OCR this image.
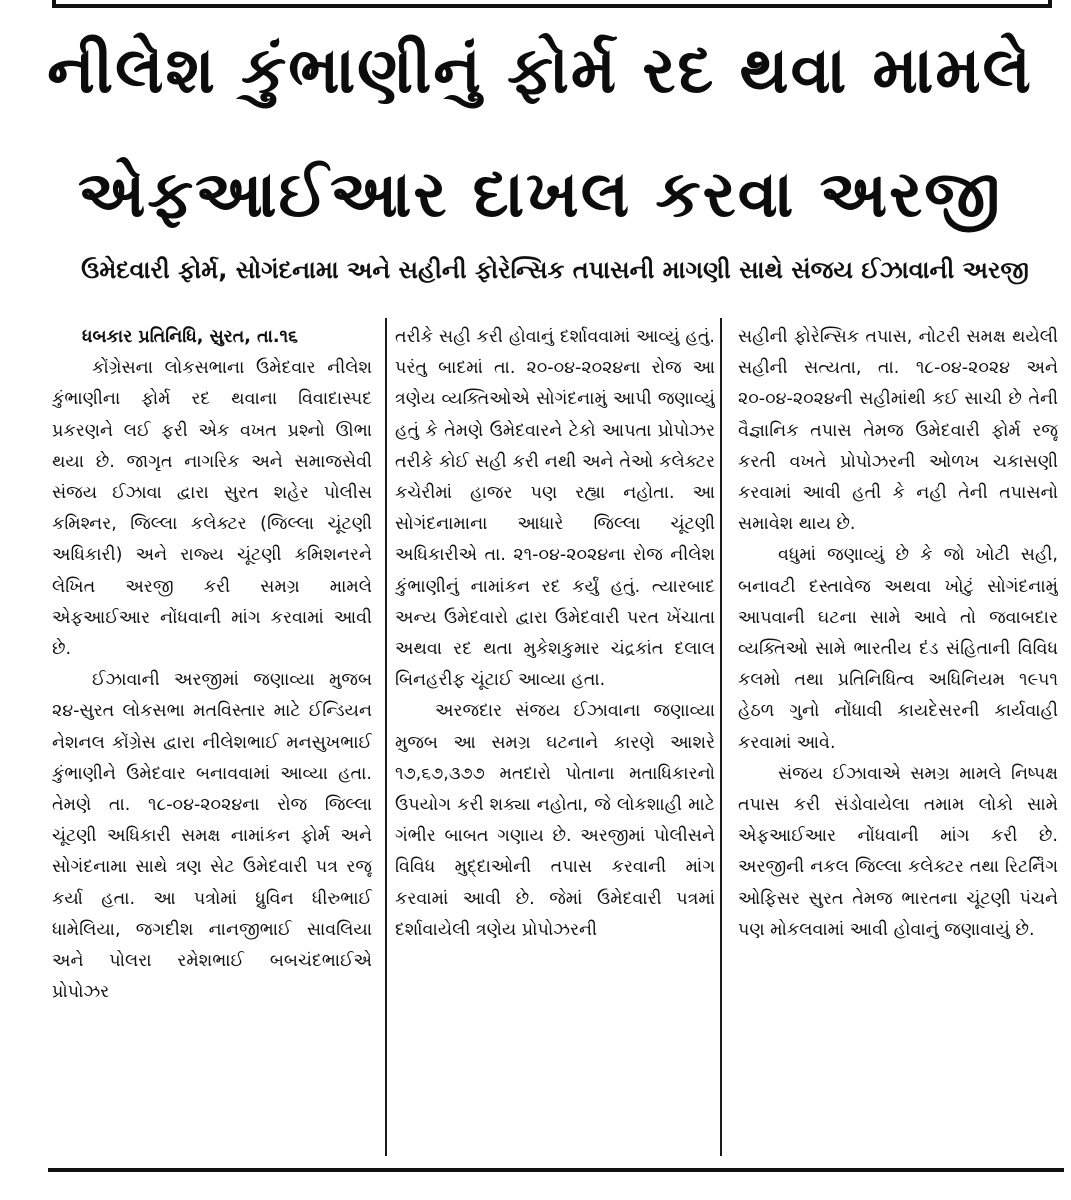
નીલેશ કુંભાણીનું ફોર્મ રદ થવા મામલે
એફઆઈઆર દાખલ કરવા અરજી
ઉમેદવારી ફોર્મ, સોગંદનામા અને સહીની ફોરેન્સિક તપાસની માગણી સાથે સંજય ઈઝાવાની અરજી

ધબકાર પ્રતિનિધિ, સુરત, તા.૧૬

કોંગ્રેસના લોકસભાના ઉમેદવાર નીલેશ કુંભાણીના ફોર્મ રદ થવાના વિવાદાસ્પદ પ્રકરણને લઈ ફરી એક વખત પ્રશ્નો ઊભા થયા છે. જાગૃત નાગરિક અને સમાજસેવી સંજય ઈઝાવા દ્વારા સુરત શહેર પોલીસ કમિશ્નર, જિલ્લા કલેક્ટર (જિલ્લા ચૂંટણી અધિકારી) અને રાજ્ય ચૂંટણી કમિશનરને લેખિત અરજી કરી સમગ્ર મામલે એફઆઈઆર નોંધવાની માંગ કરવામાં આવી છે.

ઈઝાવાની અરજીમાં જણાવ્યા મુજબ ૨૪-સુરત લોકસભા મતવિસ્તાર માટે ઈન્ડિયન નેશનલ કોંગ્રેસ દ્વારા નીલેશભાઈ મનસુખભાઈ કુંભાણીને ઉમેદવાર બનાવવામાં આવ્યા હતા. તેમણે તા. ૧૮-૦૪-૨૦૨૪ના રોજ જિલ્લા ચૂંટણી અધિકારી સમક્ષ નામાંકન ફોર્મ અને સોગંદનામા સાથે ત્રણ સેટ ઉમેદવારી પત્ર રજૂ કર્યા હતા. આ પત્રોમાં ધ્રુવિન ધીરુભાઈ ધામેલિયા, જગદીશ નાનજીભાઈ સાવલિયા અને પોલરા રમેશભાઈ બબચંદભાઈએ પ્રોપોઝર

તરીકે સહી કરી હોવાનું દર્શાવવામાં આવ્યું હતું. પરંતુ બાદમાં તા. ૨૦-૦૪-૨૦૨૪ના રોજ આ ત્રણેય વ્યક્તિઓએ સોગંદનામું આપી જણાવ્યું હતું કે તેમણે ઉમેદવારને ટેકો આપતા પ્રોપોઝર તરીકે કોઈ સહી કરી નથી અને તેઓ કલેક્ટર કચેરીમાં હાજર પણ રહ્યા નહોતા. આ સોગંદનામાના આધારે જિલ્લા ચૂંટણી અધિકારીએ તા. ૨૧-૦૪-૨૦૨૪ના રોજ નીલેશ કુંભાણીનું નામાંકન રદ કર્યું હતું. ત્યારબાદ અન્ય ઉમેદવારો દ્વારા ઉમેદવારી પરત ખેંચાતા અથવા રદ થતા મુકેશકુમાર ચંદ્રકાંત દલાલ બિનહરીફ ચૂંટાઈ આવ્યા હતા.

અરજદાર સંજય ઈઝાવાના જણાવ્યા મુજબ આ સમગ્ર ઘટનાને કારણે આશરે ૧૭,૬૭,૩૭૭ મતદારો પોતાના મતાધિકારનો ઉપયોગ કરી શક્યા નહોતા, જે લોકશાહી માટે ગંભીર બાબત ગણાય છે. અરજીમાં પોલીસને વિવિધ મુદ્દાઓની તપાસ કરવાની માંગ કરવામાં આવી છે. જેમાં ઉમેદવારી પત્રમાં દર્શાવાયેલી ત્રણેય પ્રોપોઝરની

સહીની ફોરેન્સિક તપાસ, નોટરી સમક્ષ થયેલી સહીની સત્યતા, તા. ૧૮-૦૪-૨૦૨૪ અને ૨૦-૦૪-૨૦૨૪ની સહીમાંથી કઈ સાચી છે તેની વૈજ્ઞાનિક તપાસ તેમજ ઉમેદવારી ફોર્મ રજૂ કરતી વખતે પ્રોપોઝરની ઓળખ ચકાસણી કરવામાં આવી હતી કે નહી તેની તપાસનો સમાવેશ થાય છે.

વધુમાં જણાવ્યું છે કે જો ખોટી સહી, બનાવટી દસ્તાવેજ અથવા ખોટું સોગંદનામું આપવાની ઘટના સામે આવે તો જવાબદાર વ્યક્તિઓ સામે ભારતીય દંડ સંહિતાની વિવિધ કલમો તથા પ્રતિનિધિત્વ અધિનિયમ ૧૯૫૧ હેઠળ ગુનો નોંધાવી કાયદેસરની કાર્યવાહી કરવામાં આવે.

સંજય ઈઝાવાએ સમગ્ર મામલે નિષ્પક્ષ તપાસ કરી સંડોવાયેલા તમામ લોકો સામે એફઆઈઆર નોંધવાની માંગ કરી છે. અરજીની નકલ જિલ્લા કલેક્ટર તથા રિટર્નિંગ ઓફિસર સુરત તેમજ ભારતના ચૂંટણી પંચને પણ મોકલવામાં આવી હોવાનું જણાવાયું છે.
